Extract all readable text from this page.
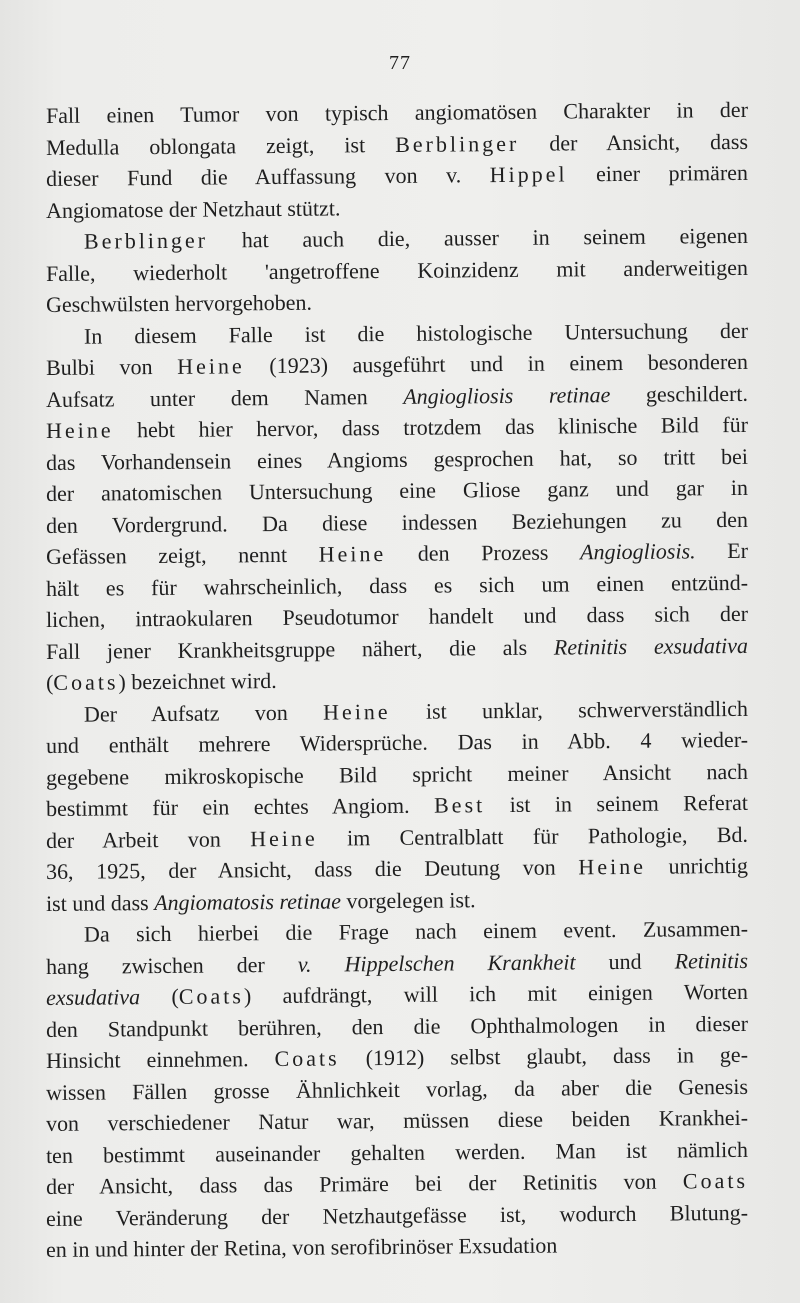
77
Fall einen Tumor von typisch angiomatösen Charakter in der
Medulla oblongata zeigt, ist Berblinger der Ansicht, dass
dieser Fund die Auffassung von v. Hippel einer primären
Angiomatose der Netzhaut stützt.
Berblinger hat auch die, ausser in seinem eigenen
Falle, wiederholt 'angetroffene Koinzidenz mit anderweitigen
Geschwülsten hervorgehoben.
In diesem Falle ist die histologische Untersuchung der
Bulbi von Heine (1923) ausgeführt und in einem besonderen
Aufsatz unter dem Namen Angiogliosis retinae geschildert.
Heine hebt hier hervor, dass trotzdem das klinische Bild für
das Vorhandensein eines Angioms gesprochen hat, so tritt bei
der anatomischen Untersuchung eine Gliose ganz und gar in
den Vordergrund. Da diese indessen Beziehungen zu den
Gefässen zeigt, nennt Heine den Prozess Angiogliosis. Er
hält es für wahrscheinlich, dass es sich um einen entzünd-
lichen, intraokularen Pseudotumor handelt und dass sich der
Fall jener Krankheitsgruppe nähert, die als Retinitis exsudativa
(Coats) bezeichnet wird.
Der Aufsatz von Heine ist unklar, schwerverständlich
und enthält mehrere Widersprüche. Das in Abb. 4 wieder-
gegebene mikroskopische Bild spricht meiner Ansicht nach
bestimmt für ein echtes Angiom. Best ist in seinem Referat
der Arbeit von Heine im Centralblatt für Pathologie, Bd.
36, 1925, der Ansicht, dass die Deutung von Heine unrichtig
ist und dass Angiomatosis retinae vorgelegen ist.
Da sich hierbei die Frage nach einem event. Zusammen-
hang zwischen der v. Hippelschen Krankheit und Retinitis
exsudativa (Coats) aufdrängt, will ich mit einigen Worten
den Standpunkt berühren, den die Ophthalmologen in dieser
Hinsicht einnehmen. Coats (1912) selbst glaubt, dass in ge-
wissen Fällen grosse Ähnlichkeit vorlag, da aber die Genesis
von verschiedener Natur war, müssen diese beiden Krankhei-
ten bestimmt auseinander gehalten werden. Man ist nämlich
der Ansicht, dass das Primäre bei der Retinitis von Coats
eine Veränderung der Netzhautgefässe ist, wodurch Blutung-
en in und hinter der Retina, von serofibrinöser Exsudation
